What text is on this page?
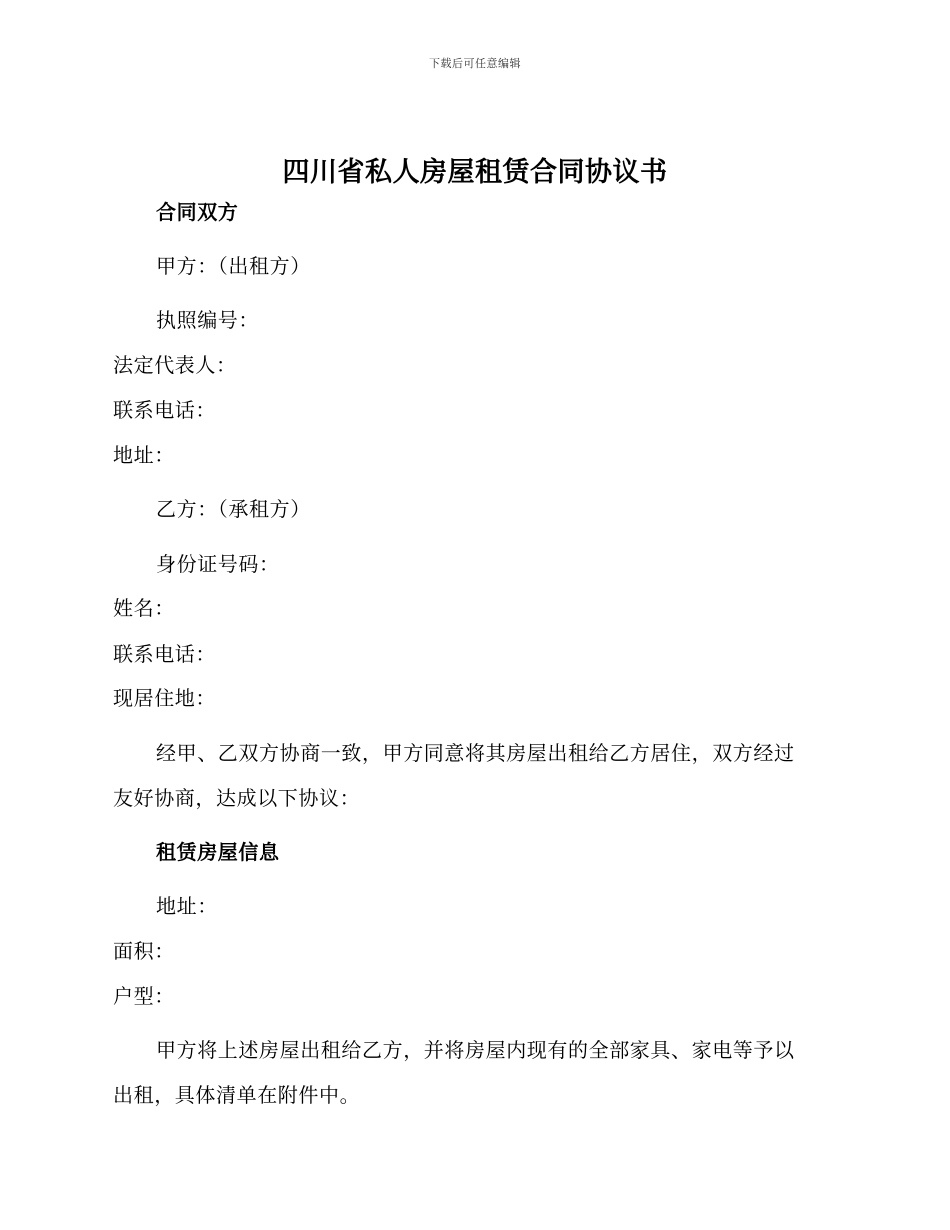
下载后可任意编辑
四川省私人房屋租赁合同协议书
合同双方
甲方：（出租方）
执照编号：
法定代表人：
联系电话：
地址：
乙方：（承租方）
身份证号码：
姓名：
联系电话：
现居住地：
经甲、乙双方协商一致，甲方同意将其房屋出租给乙方居住，双方经过
友好协商，达成以下协议：
租赁房屋信息
地址：
面积：
户型：
甲方将上述房屋出租给乙方，并将房屋内现有的全部家具、家电等予以
出租，具体清单在附件中。
